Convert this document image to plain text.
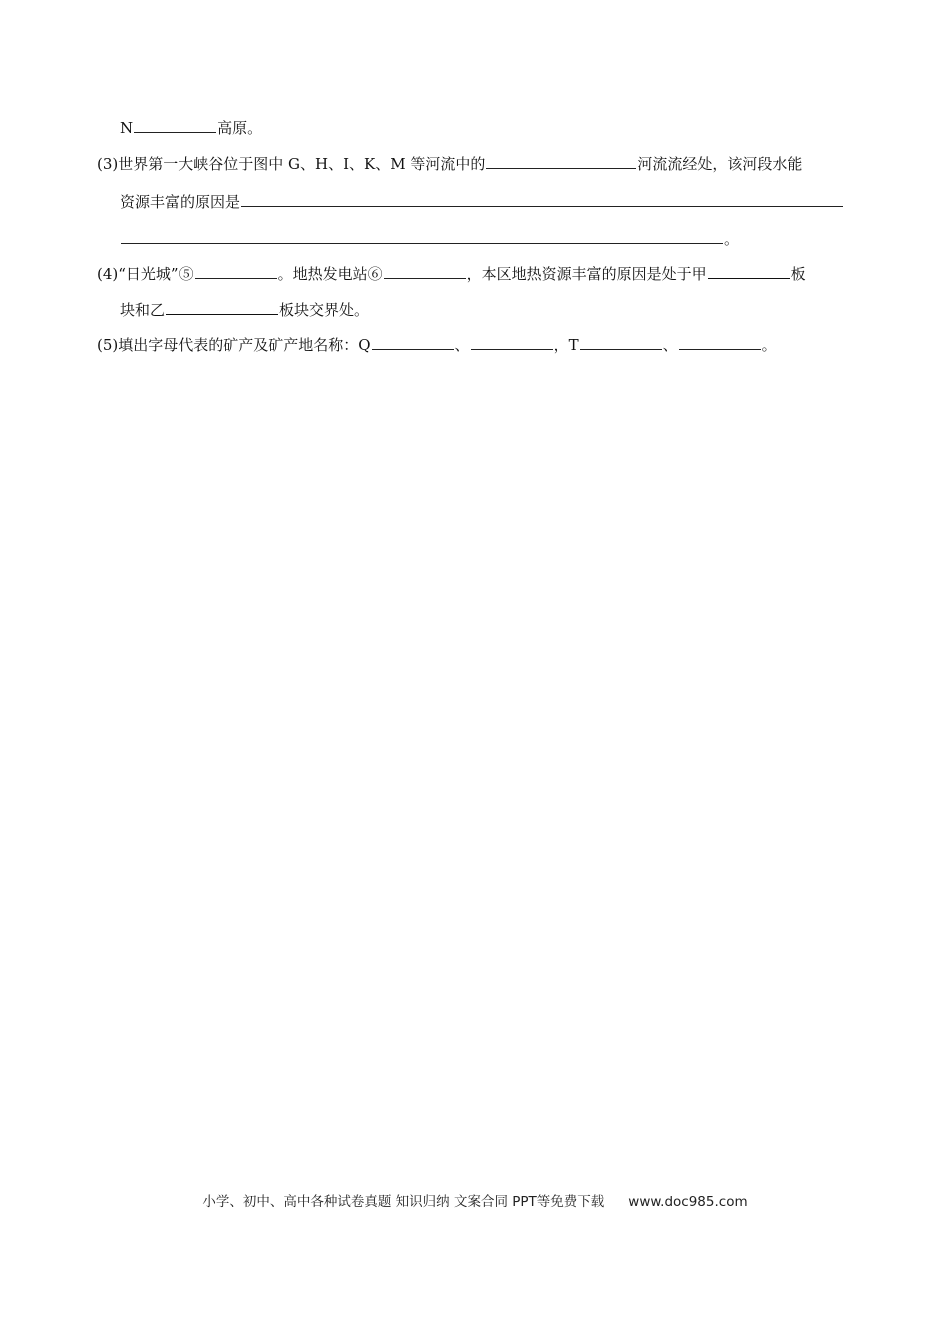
N	高原。
(3)世界第一大峡谷位于图中 G、H、I、K、M 等河流中的	河流流经处，该河段水能
资源丰富的原因是
。
(4)“日光城”⑤	。地热发电站⑥	，本区地热资源丰富的原因是处于甲	板
块和乙	板块交界处。
(5)填出字母代表的矿产及矿产地名称：Q	、	，T	、	。
小学、初中、高中各种试卷真题 知识归纳 文案合同 PPT等免费下载 www.doc985.com
